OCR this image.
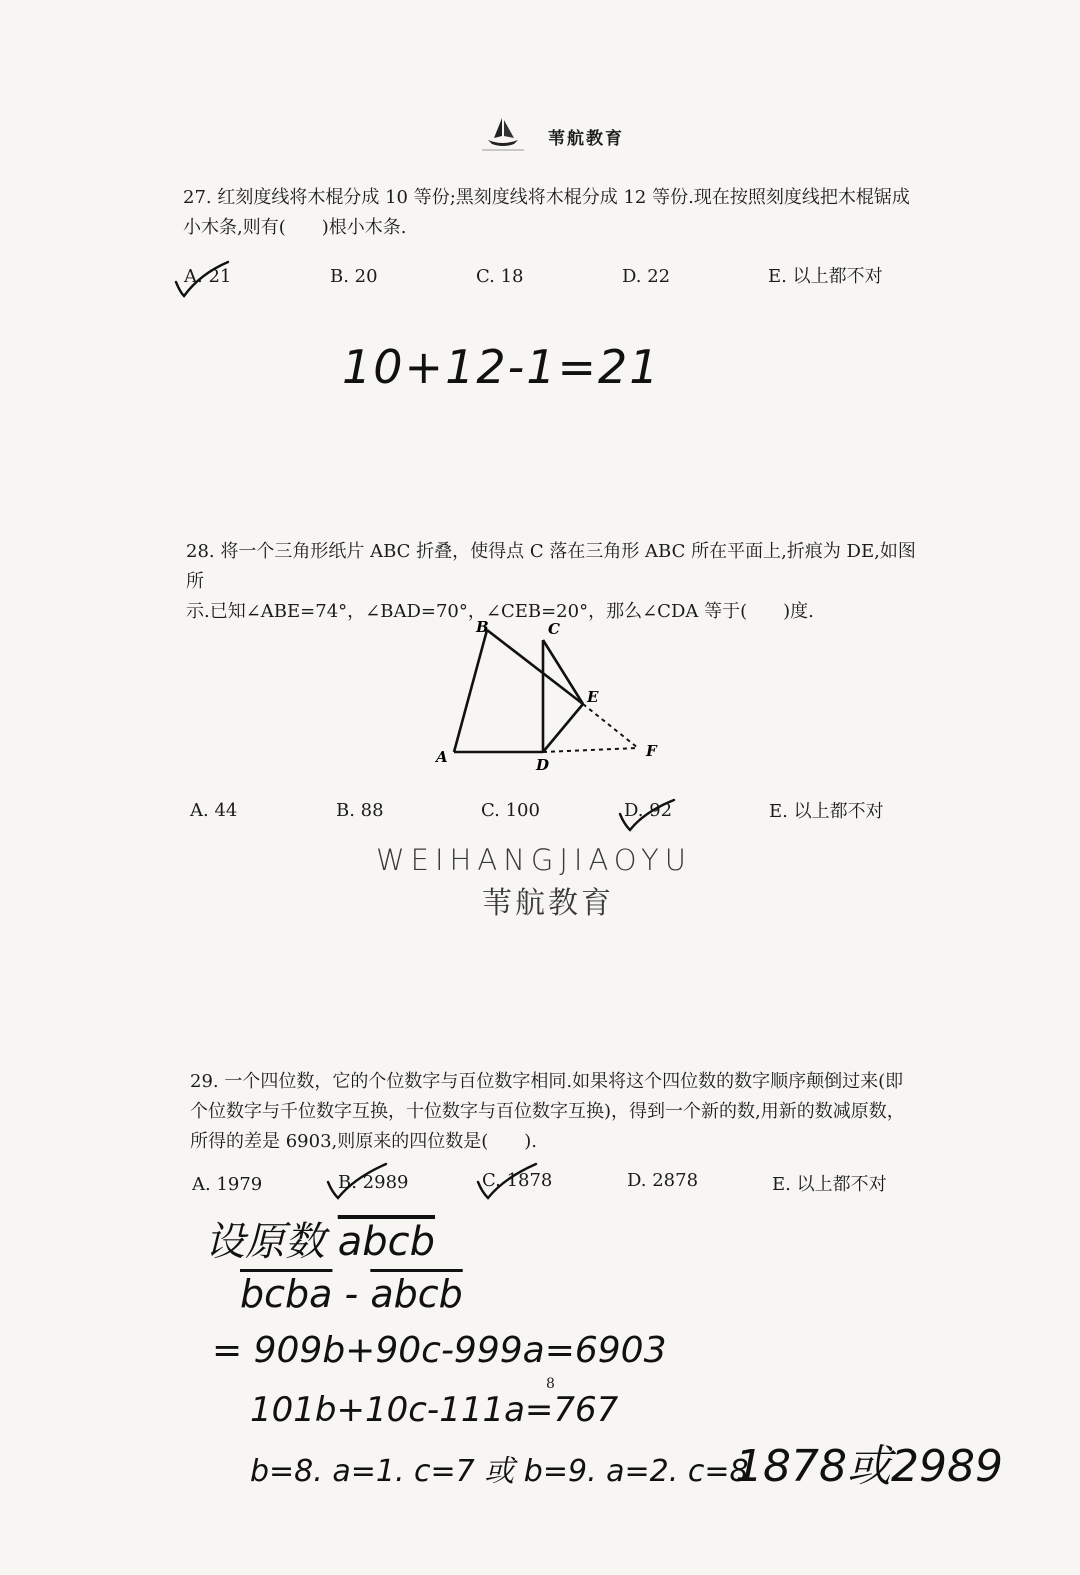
苇航教育
27. 红刻度线将木棍分成 10 等份;黑刻度线将木棍分成 12 等份.现在按照刻度线把木棍锯成
小木条,则有(　　)根小木条.
A. 21	B. 20	C. 18	D. 22	E. 以上都不对
10+12-1=21
28. 将一个三角形纸片 ABC 折叠，使得点 C 落在三角形 ABC 所在平面上,折痕为 DE,如图所
示.已知∠ABE=74°，∠BAD=70°，∠CEB=20°，那么∠CDA 等于(　　)度.
B	C
E
A	D
F
A. 44	B. 88	C. 100	D. 92	E. 以上都不对
WEIHANGJIAOYU
苇航教育
29. 一个四位数，它的个位数字与百位数字相同.如果将这个四位数的数字顺序颠倒过来(即
个位数字与千位数字互换，十位数字与百位数字互换)，得到一个新的数,用新的数减原数，
所得的差是 6903,则原来的四位数是(　　).
A. 1979	B. 2989	C. 1878	D. 2878	E. 以上都不对
设原数 abcb
bcba - abcb
= 909b+90c-999a=6903
101b+10c-111a=767
b=8. a=1. c=7 或 b=9. a=2. c=8
1878或2989
8
